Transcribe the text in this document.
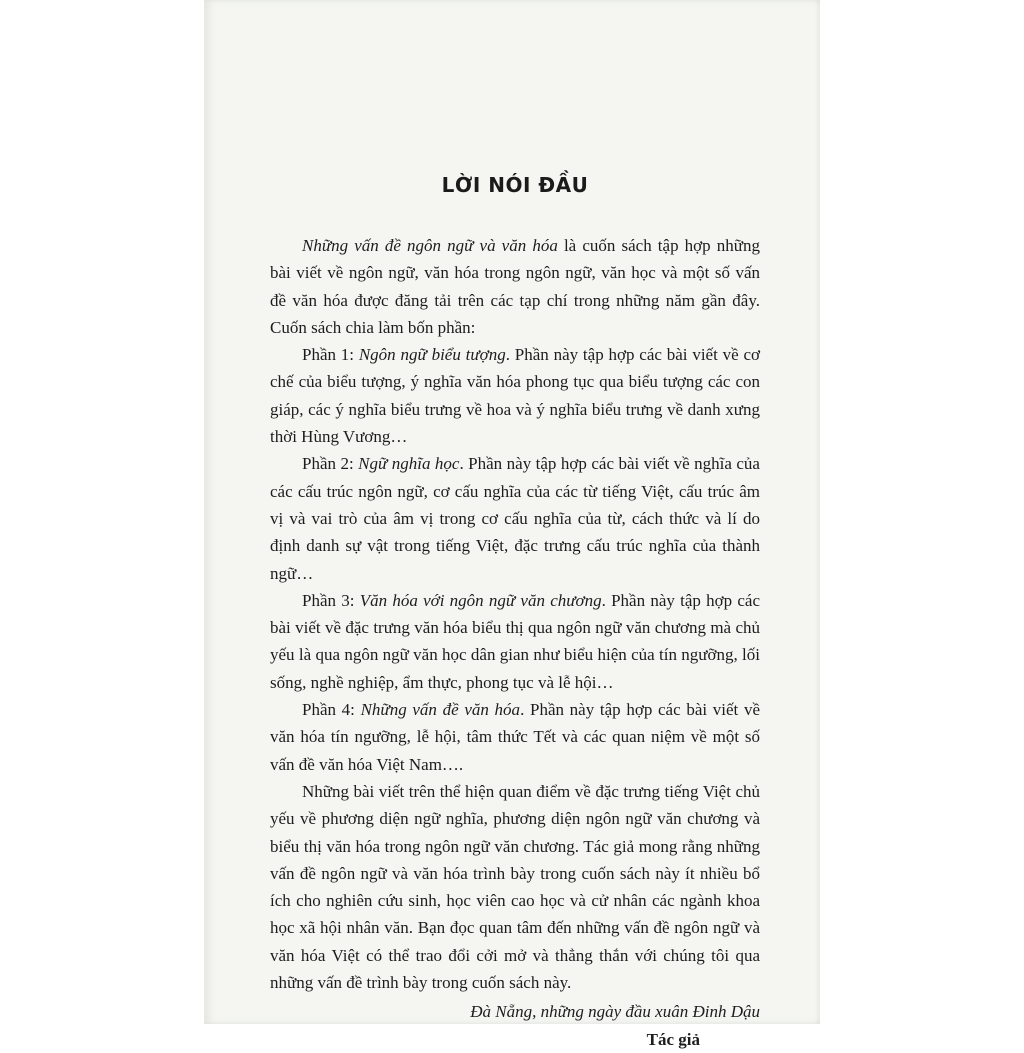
LỜI NÓI ĐẦU

Những vấn đề ngôn ngữ và văn hóa là cuốn sách tập hợp những bài viết về ngôn ngữ, văn hóa trong ngôn ngữ, văn học và một số vấn đề văn hóa được đăng tải trên các tạp chí trong những năm gần đây. Cuốn sách chia làm bốn phần:

Phần 1: Ngôn ngữ biểu tượng. Phần này tập hợp các bài viết về cơ chế của biểu tượng, ý nghĩa văn hóa phong tục qua biểu tượng các con giáp, các ý nghĩa biểu trưng về hoa và ý nghĩa biểu trưng về danh xưng thời Hùng Vương…

Phần 2: Ngữ nghĩa học. Phần này tập hợp các bài viết về nghĩa của các cấu trúc ngôn ngữ, cơ cấu nghĩa của các từ tiếng Việt, cấu trúc âm vị và vai trò của âm vị trong cơ cấu nghĩa của từ, cách thức và lí do định danh sự vật trong tiếng Việt, đặc trưng cấu trúc nghĩa của thành ngữ…

Phần 3: Văn hóa với ngôn ngữ văn chương. Phần này tập hợp các bài viết về đặc trưng văn hóa biểu thị qua ngôn ngữ văn chương mà chủ yếu là qua ngôn ngữ văn học dân gian như biểu hiện của tín ngưỡng, lối sống, nghề nghiệp, ẩm thực, phong tục và lễ hội…

Phần 4: Những vấn đề văn hóa. Phần này tập hợp các bài viết về văn hóa tín ngưỡng, lễ hội, tâm thức Tết và các quan niệm về một số vấn đề văn hóa Việt Nam….

Những bài viết trên thể hiện quan điểm về đặc trưng tiếng Việt chủ yếu về phương diện ngữ nghĩa, phương diện ngôn ngữ văn chương và biểu thị văn hóa trong ngôn ngữ văn chương. Tác giả mong rằng những vấn đề ngôn ngữ và văn hóa trình bày trong cuốn sách này ít nhiều bổ ích cho nghiên cứu sinh, học viên cao học và cử nhân các ngành khoa học xã hội nhân văn. Bạn đọc quan tâm đến những vấn đề ngôn ngữ và văn hóa Việt có thể trao đổi cởi mở và thẳng thắn với chúng tôi qua những vấn đề trình bày trong cuốn sách này.

Đà Nẵng, những ngày đầu xuân Đinh Dậu
Tác giả
